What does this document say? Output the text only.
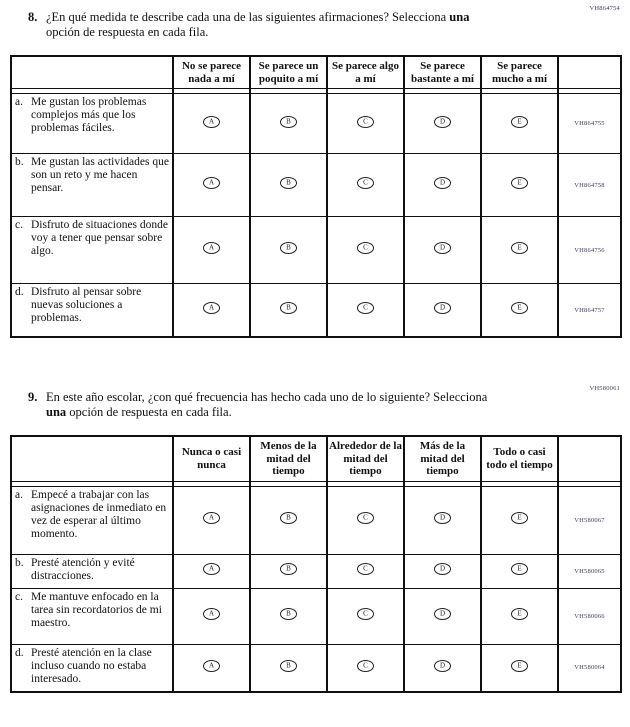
VH864754
8. ¿En qué medida te describe cada una de las siguientes afirmaciones? Selecciona una
opción de respuesta en cada fila.
	No se parece nada a mí	Se parece un poquito a mí	Se parece algo a mí	Se parece bastante a mí	Se parece mucho a mí	

a. Me gustan los problemas complejos más que los problemas fáciles.	A	B	C	D	E	VH864755

b. Me gustan las actividades que son un reto y me hacen pensar.	A	B	C	D	E	VH864758

c. Disfruto de situaciones donde voy a tener que pensar sobre algo.	A	B	C	D	E	VH864756

d. Disfruto al pensar sobre nuevas soluciones a problemas.	A	B	C	D	E	VH864757
VH580061
9. En este año escolar, ¿con qué frecuencia has hecho cada uno de lo siguiente? Selecciona
una opción de respuesta en cada fila.
	Nunca o casi nunca	Menos de la mitad del tiempo	Alrededor de la mitad del tiempo	Más de la mitad del tiempo	Todo o casi todo el tiempo	

a. Empecé a trabajar con las asignaciones de inmediato en vez de esperar al último momento.	A	B	C	D	E	VH580067

b. Presté atención y evité distracciones.	A	B	C	D	E	VH580065

c. Me mantuve enfocado en la tarea sin recordatorios de mi maestro.	A	B	C	D	E	VH580066

d. Presté atención en la clase incluso cuando no estaba interesado.	A	B	C	D	E	VH580064
